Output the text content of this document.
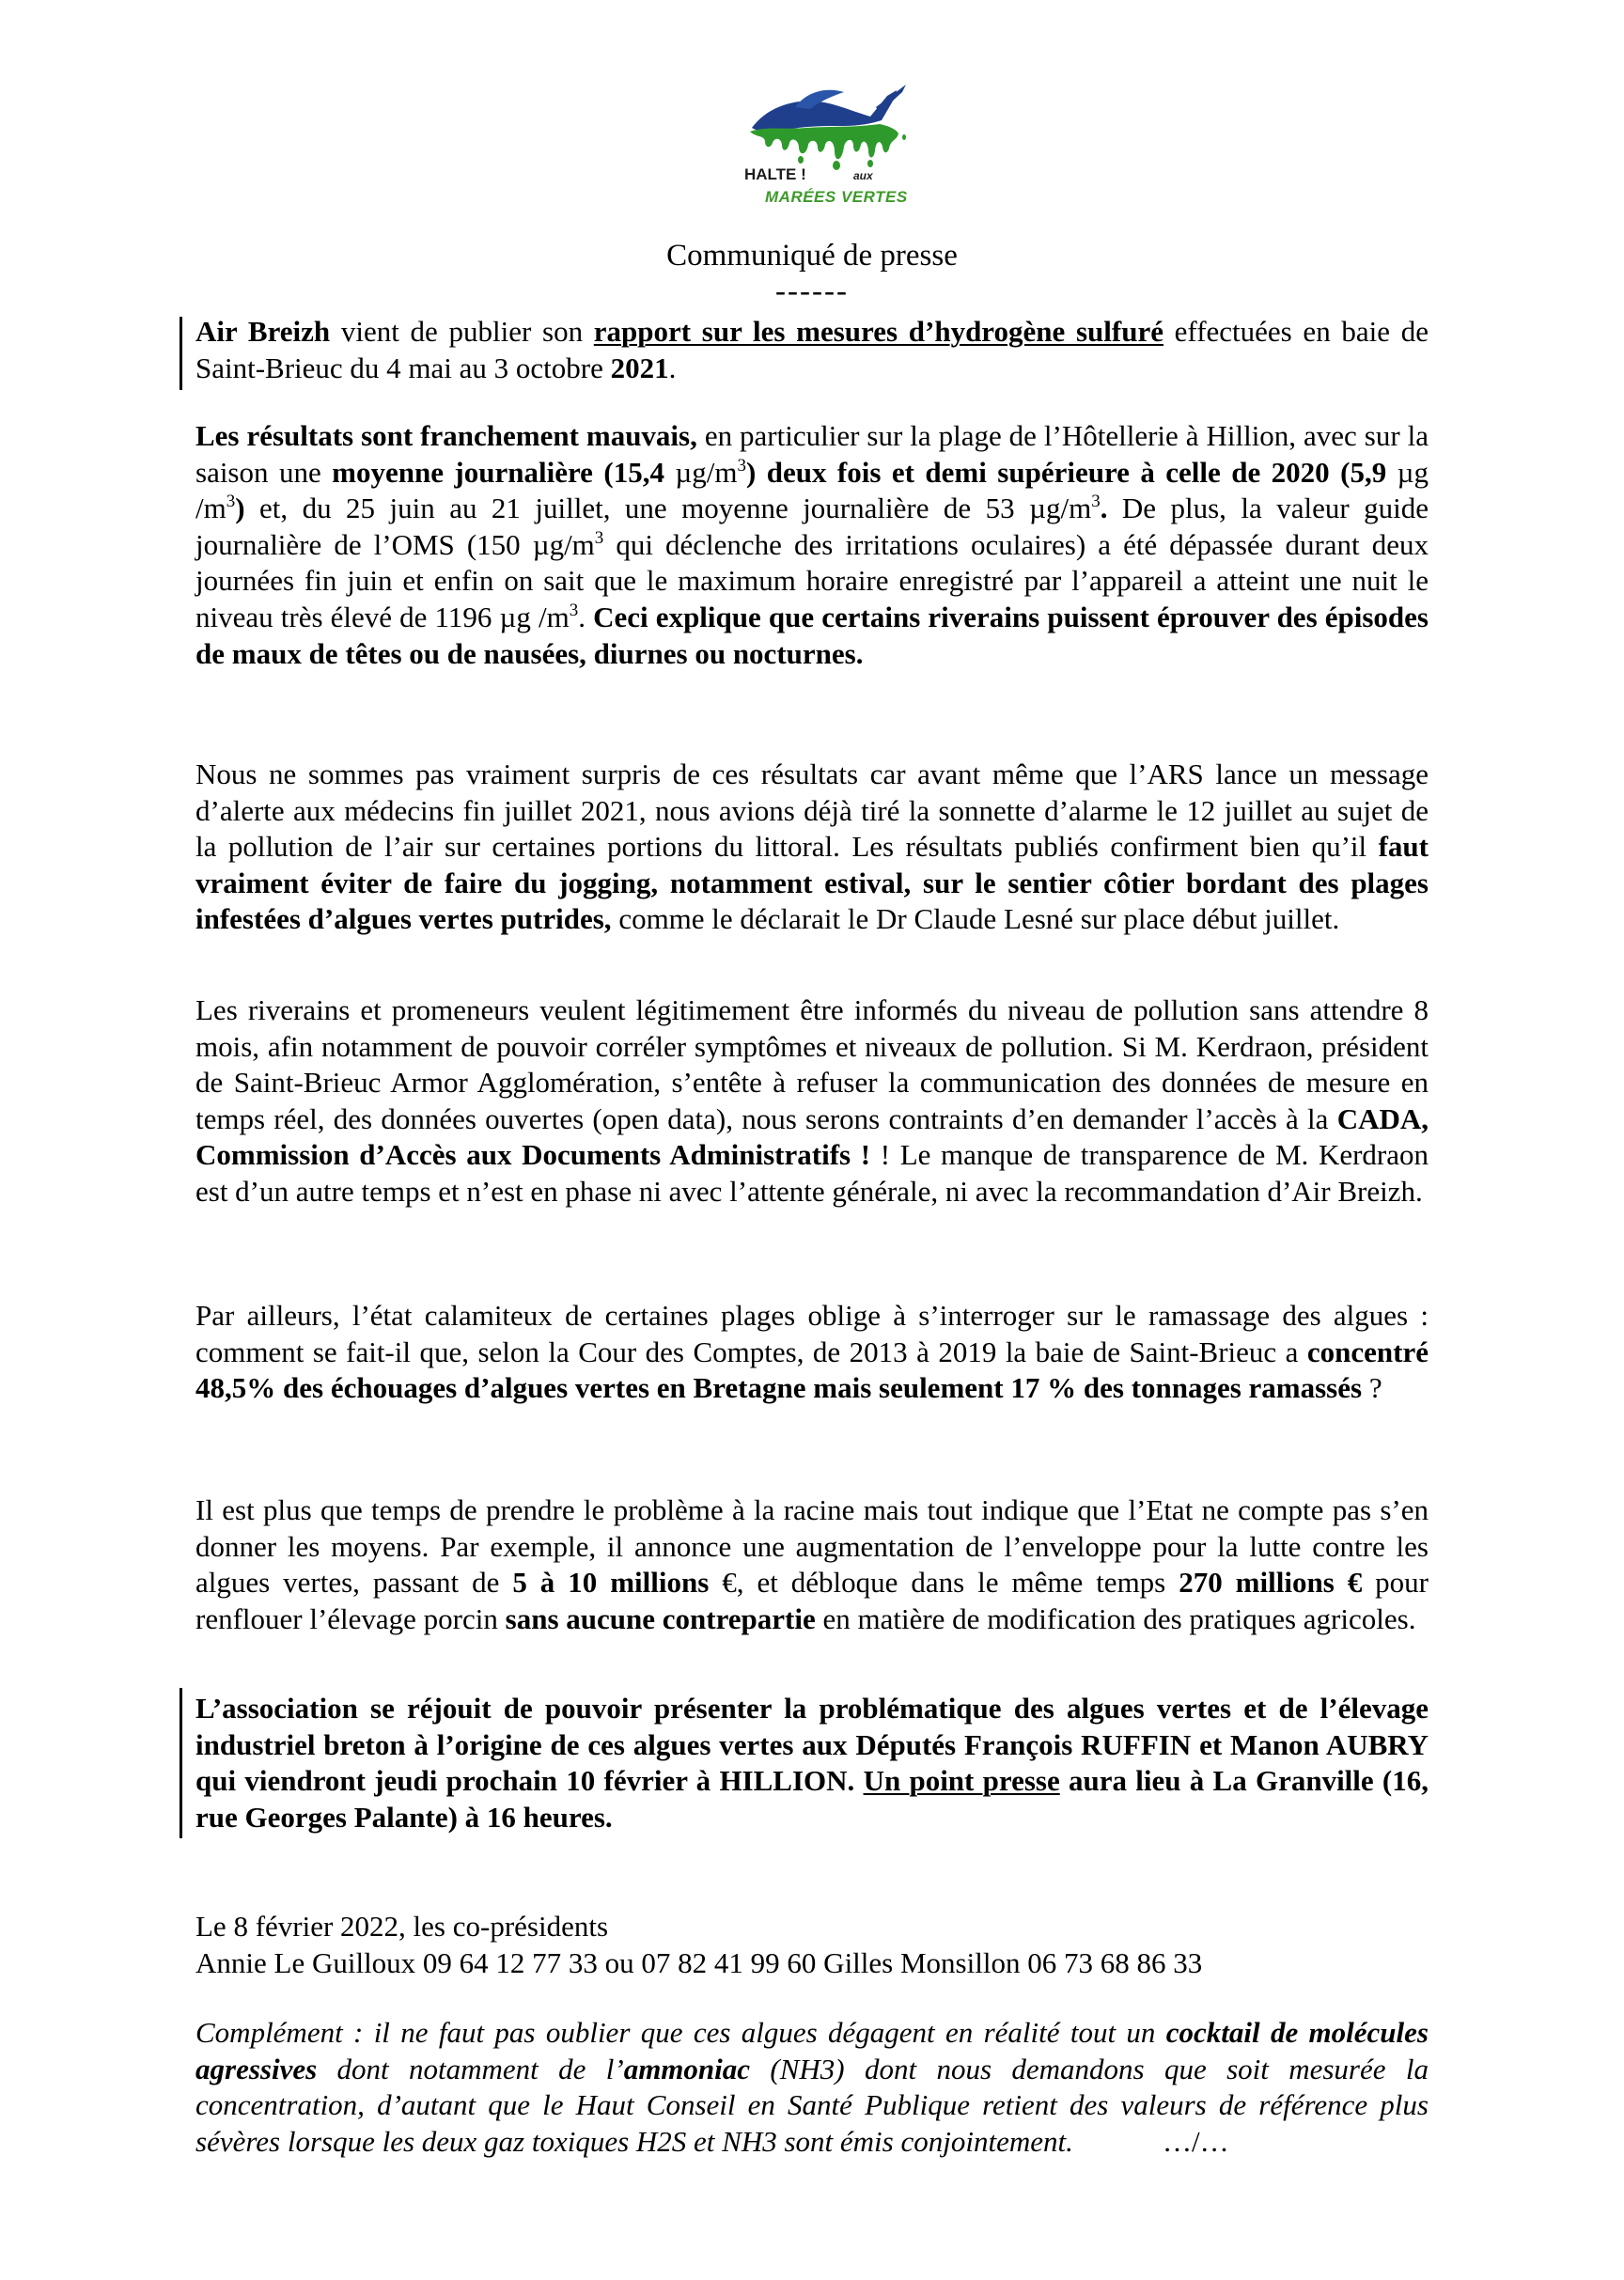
HALTE !	aux
MARÉES VERTES
Communiqué de presse
------

Air Breizh vient de publier son rapport sur les mesures d’hydrogène sulfuré effectuées en baie de Saint-Brieuc du 4 mai au 3 octobre 2021.

Les résultats sont franchement mauvais, en particulier sur la plage de l’Hôtellerie à Hillion, avec sur la saison une moyenne journalière (15,4 $\mu g/m^3$) deux fois et demi supérieure à celle de 2020 (5,9 µg $/m^3$) et, du 25 juin au 21 juillet, une moyenne journalière de 53 $\mu g/m^3$. De plus, la valeur guide journalière de l’OMS (150 $\mu g/m^3$ qui déclenche des irritations oculaires) a été dépassée durant deux journées fin juin et enfin on sait que le maximum horaire enregistré par l’appareil a atteint une nuit le niveau très élevé de 1196 µg $/m^3$. Ceci explique que certains riverains puissent éprouver des épisodes de maux de têtes ou de nausées, diurnes ou nocturnes.

Nous ne sommes pas vraiment surpris de ces résultats car avant même que l’ARS lance un message d’alerte aux médecins fin juillet 2021, nous avions déjà tiré la sonnette d’alarme le 12 juillet au sujet de la pollution de l’air sur certaines portions du littoral. Les résultats publiés confirment bien qu’il faut vraiment éviter de faire du jogging, notamment estival, sur le sentier côtier bordant des plages infestées d’algues vertes putrides, comme le déclarait le Dr Claude Lesné sur place début juillet.

Les riverains et promeneurs veulent légitimement être informés du niveau de pollution sans attendre 8 mois, afin notamment de pouvoir corréler symptômes et niveaux de pollution. Si M. Kerdraon, président de Saint-Brieuc Armor Agglomération, s’entête à refuser la communication des données de mesure en temps réel, des données ouvertes (open data), nous serons contraints d’en demander l’accès à la CADA, Commission d’Accès aux Documents Administratifs ! ! Le manque de transparence de M. Kerdraon est d’un autre temps et n’est en phase ni avec l’attente générale, ni avec la recommandation d’Air Breizh.

Par ailleurs, l’état calamiteux de certaines plages oblige à s’interroger sur le ramassage des algues : comment se fait-il que, selon la Cour des Comptes, de 2013 à 2019 la baie de Saint-Brieuc a concentré 48,5% des échouages d’algues vertes en Bretagne mais seulement 17 % des tonnages ramassés ?

Il est plus que temps de prendre le problème à la racine mais tout indique que l’Etat ne compte pas s’en donner les moyens. Par exemple, il annonce une augmentation de l’enveloppe pour la lutte contre les algues vertes, passant de 5 à 10 millions €, et débloque dans le même temps 270 millions € pour renflouer l’élevage porcin sans aucune contrepartie en matière de modification des pratiques agricoles.

L’association se réjouit de pouvoir présenter la problématique des algues vertes et de l’élevage industriel breton à l’origine de ces algues vertes aux Députés François RUFFIN et Manon AUBRY qui viendront jeudi prochain 10 février à HILLION. Un point presse aura lieu à La Granville (16, rue Georges Palante) à 16 heures.

Le 8 février 2022, les co-présidents
Annie Le Guilloux 09 64 12 77 33 ou 07 82 41 99 60 Gilles Monsillon 06 73 68 86 33

Complément : il ne faut pas oublier que ces algues dégagent en réalité tout un cocktail de molécules agressives dont notamment de l’ammoniac (NH3) dont nous demandons que soit mesurée la concentration, d’autant que le Haut Conseil en Santé Publique retient des valeurs de référence plus sévères lorsque les deux gaz toxiques H2S et NH3 sont émis conjointement.	…/…
